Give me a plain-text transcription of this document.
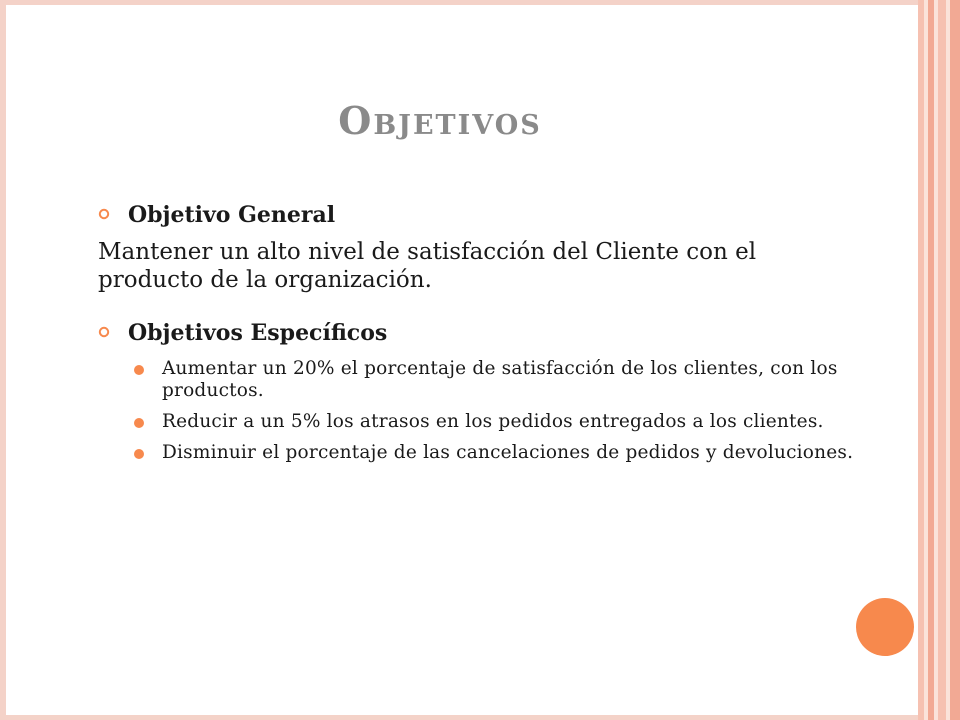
Objetivos
Objetivo General
Mantener un alto nivel de satisfacción del Cliente con el producto de la organización.
Objetivos Específicos
Aumentar un 20% el porcentaje de satisfacción de los clientes, con los productos.
Reducir a un 5% los atrasos en los pedidos entregados a los clientes.
Disminuir el porcentaje de las cancelaciones de pedidos y devoluciones.
